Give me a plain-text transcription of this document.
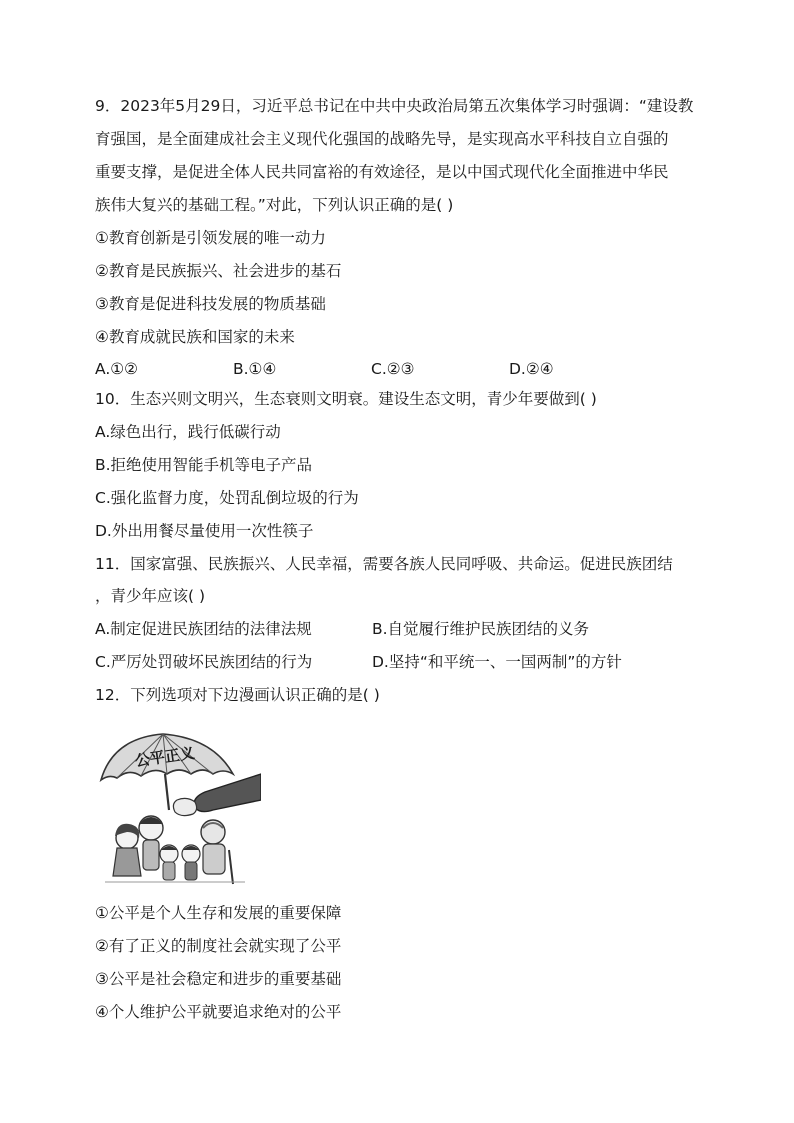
9．2023年5月29日，习近平总书记在中共中央政治局第五次集体学习时强调：“建设教
育强国，是全面建成社会主义现代化强国的战略先导，是实现高水平科技自立自强的
重要支撑，是促进全体人民共同富裕的有效途径，是以中国式现代化全面推进中华民
族伟大复兴的基础工程。”对此，下列认识正确的是( )
①教育创新是引领发展的唯一动力
②教育是民族振兴、社会进步的基石
③教育是促进科技发展的物质基础
④教育成就民族和国家的未来
A.①②	B.①④	C.②③	D.②④
10．生态兴则文明兴，生态衰则文明衰。建设生态文明，青少年要做到( )
A.绿色出行，践行低碳行动
B.拒绝使用智能手机等电子产品
C.强化监督力度，处罚乱倒垃圾的行为
D.外出用餐尽量使用一次性筷子
11．国家富强、民族振兴、人民幸福，需要各族人民同呼吸、共命运。促进民族团结
，青少年应该( )
A.制定促进民族团结的法律法规	B.自觉履行维护民族团结的义务
C.严厉处罚破坏民族团结的行为	D.坚持“和平统一、一国两制”的方针
12．下列选项对下边漫画认识正确的是( )
公平正义
①公平是个人生存和发展的重要保障
②有了正义的制度社会就实现了公平
③公平是社会稳定和进步的重要基础
④个人维护公平就要追求绝对的公平
